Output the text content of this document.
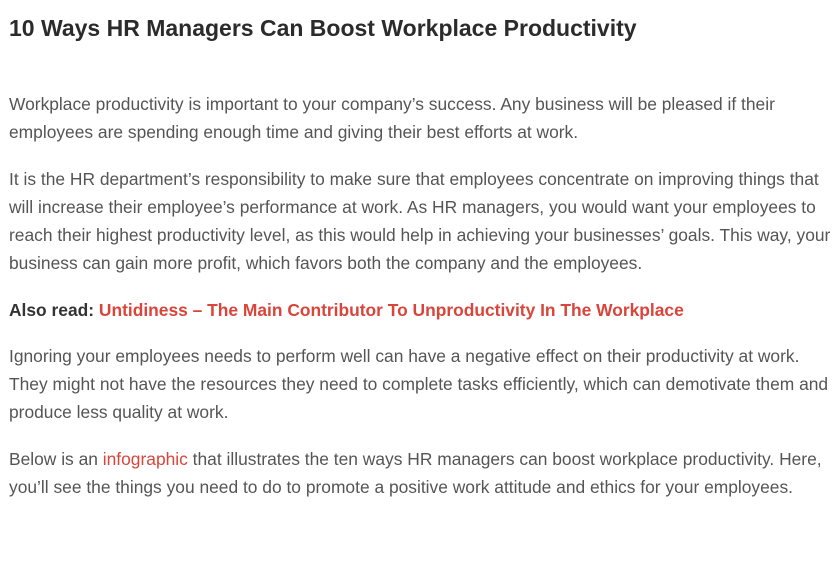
10 Ways HR Managers Can Boost Workplace Productivity

Workplace productivity is important to your company’s success. Any business will be pleased if their employees are spending enough time and giving their best efforts at work.

It is the HR department’s responsibility to make sure that employees concentrate on improving things that will increase their employee’s performance at work. As HR managers, you would want your employees to reach their highest productivity level, as this would help in achieving your businesses’ goals. This way, your business can gain more profit, which favors both the company and the employees.

Also read: Untidiness – The Main Contributor To Unproductivity In The Workplace

Ignoring your employees needs to perform well can have a negative effect on their productivity at work. They might not have the resources they need to complete tasks efficiently, which can demotivate them and produce less quality at work.

Below is an infographic that illustrates the ten ways HR managers can boost workplace productivity. Here, you’ll see the things you need to do to promote a positive work attitude and ethics for your employees.
